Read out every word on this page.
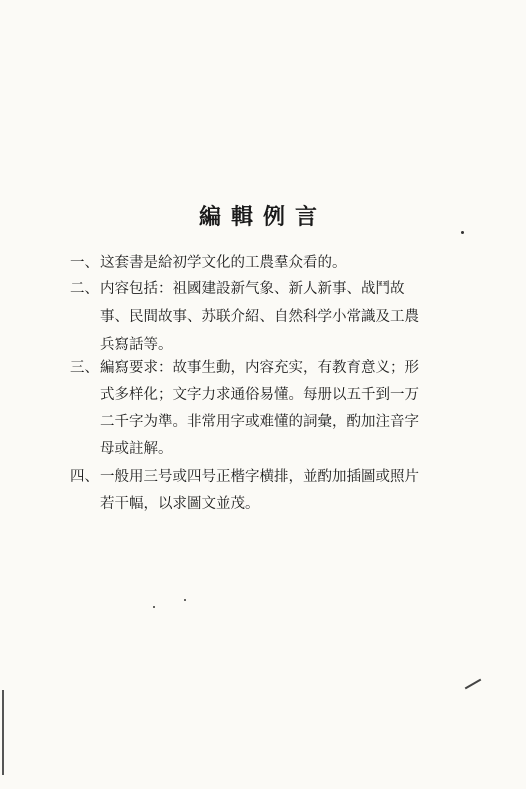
編輯例言
一、 这套書是給初学文化的工農羣众看的。
二、 内容包括：祖國建設新气象、新人新事、战鬥故
事、民間故事、苏联介紹、自然科学小常識及工農
兵寫話等。
三、 編寫要求：故事生動，内容充实，有教育意义；形
式多样化；文字力求通俗易懂。每册以五千到一万
二千字为準。非常用字或难懂的詞彙，酌加注音字
母或註解。
四、 一般用三号或四号正楷字横排，並酌加插圖或照片
若干幅，以求圖文並茂。
